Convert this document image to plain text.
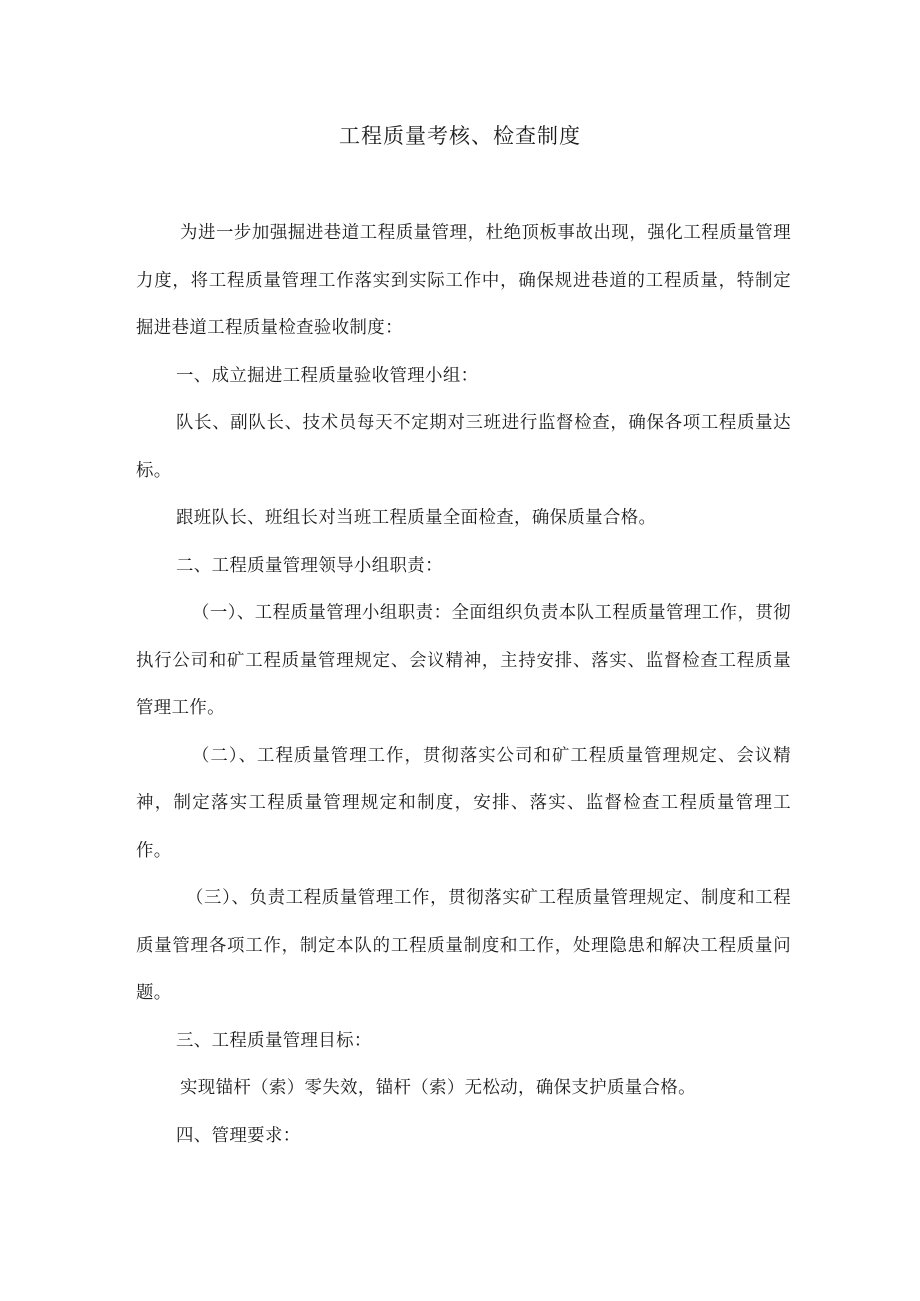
工程质量考核、检查制度

为进一步加强掘进巷道工程质量管理，杜绝顶板事故出现，强化工程质量管理力度，将工程质量管理工作落实到实际工作中，确保规进巷道的工程质量，特制定掘进巷道工程质量检查验收制度：

一、成立掘进工程质量验收管理小组：

队长、副队长、技术员每天不定期对三班进行监督检查，确保各项工程质量达标。

跟班队长、班组长对当班工程质量全面检查，确保质量合格。

二、工程质量管理领导小组职责：

（一）、工程质量管理小组职责：全面组织负责本队工程质量管理工作，贯彻执行公司和矿工程质量管理规定、会议精神，主持安排、落实、监督检查工程质量管理工作。

（二）、工程质量管理工作，贯彻落实公司和矿工程质量管理规定、会议精神，制定落实工程质量管理规定和制度，安排、落实、监督检查工程质量管理工作。

（三）、负责工程质量管理工作，贯彻落实矿工程质量管理规定、制度和工程质量管理各项工作，制定本队的工程质量制度和工作，处理隐患和解决工程质量问题。

三、工程质量管理目标：

实现锚杆（索）零失效，锚杆（索）无松动，确保支护质量合格。

四、管理要求：
